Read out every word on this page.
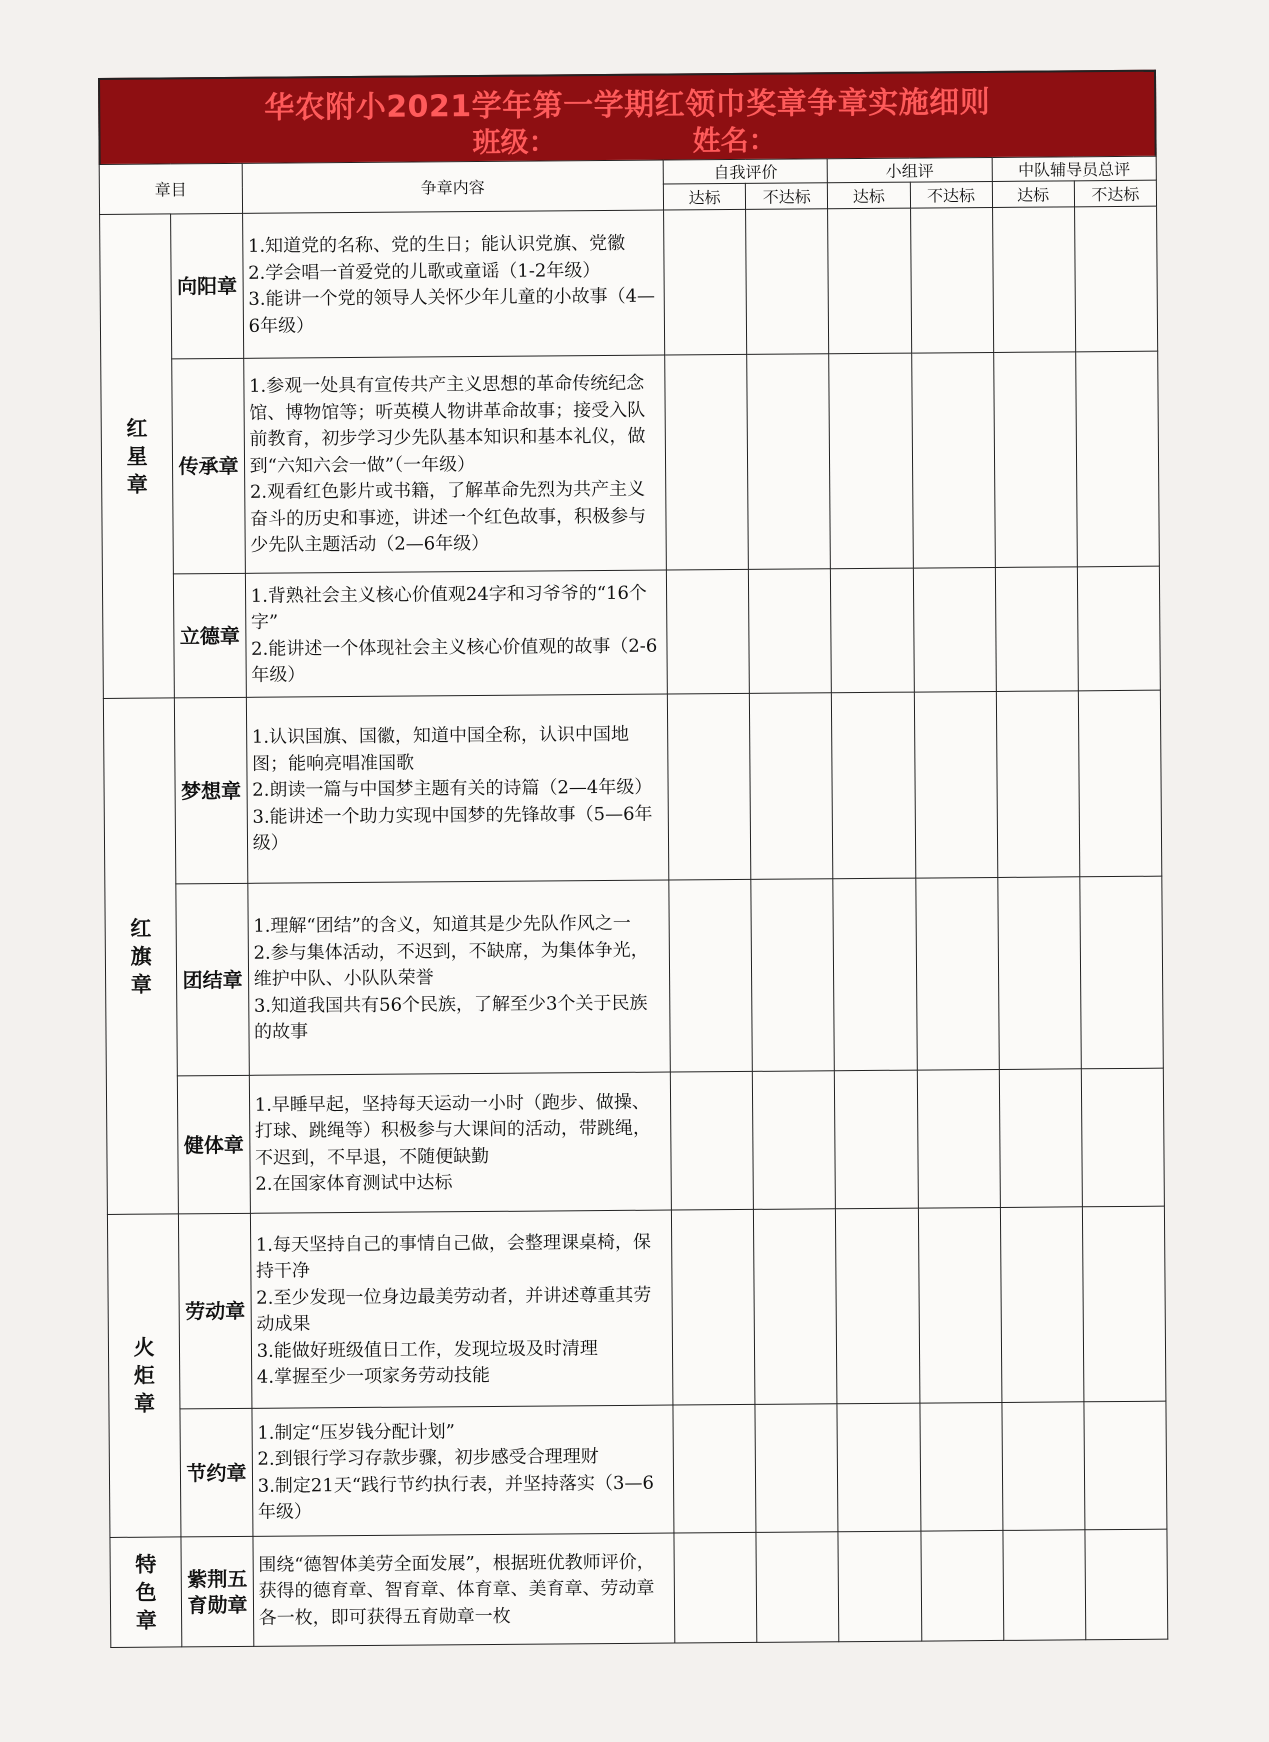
华农附小2021学年第一学期红领巾奖章争章实施细则
班级：	姓名：
章目		争章内容	自我评价		小组评		中队辅导员总评	
			达标	不达标	达标	不达标	达标	不达标
红星章	向阳章	1.知道党的名称、党的生日；能认识党旗、党徽
2.学会唱一首爱党的儿歌或童谣（1-2年级）
3.能讲一个党的领导人关怀少年儿童的小故事（4—6年级）						

	传承章	1.参观一处具有宣传共产主义思想的革命传统纪念馆、博物馆等；听英模人物讲革命故事；接受入队前教育，初步学习少先队基本知识和基本礼仪，做到“六知六会一做”（一年级）
2.观看红色影片或书籍，了解革命先烈为共产主义奋斗的历史和事迹，讲述一个红色故事，积极参与少先队主题活动（2—6年级）						

	立德章	1.背熟社会主义核心价值观24字和习爷爷的“16个字”
2.能讲述一个体现社会主义核心价值观的故事（2-6年级）						

红旗章	梦想章	1.认识国旗、国徽，知道中国全称，认识中国地图；能响亮唱准国歌
2.朗读一篇与中国梦主题有关的诗篇（2—4年级）
3.能讲述一个助力实现中国梦的先锋故事（5—6年级）						

	团结章	1.理解“团结”的含义，知道其是少先队作风之一
2.参与集体活动，不迟到，不缺席，为集体争光，维护中队、小队队荣誉
3.知道我国共有56个民族，了解至少3个关于民族的故事						

	健体章	1.早睡早起，坚持每天运动一小时（跑步、做操、打球、跳绳等）积极参与大课间的活动，带跳绳，不迟到，不早退，不随便缺勤
2.在国家体育测试中达标						

火炬章	劳动章	1.每天坚持自己的事情自己做，会整理课桌椅，保持干净
2.至少发现一位身边最美劳动者，并讲述尊重其劳动成果
3.能做好班级值日工作，发现垃圾及时清理
4.掌握至少一项家务劳动技能						

	节约章	1.制定“压岁钱分配计划”
2.到银行学习存款步骤，初步感受合理理财
3.制定21天“践行节约执行表，并坚持落实（3—6年级）						

特色章	紫荆五育勋章	围绕“德智体美劳全面发展”，根据班优教师评价，获得的德育章、智育章、体育章、美育章、劳动章各一枚，即可获得五育勋章一枚						
